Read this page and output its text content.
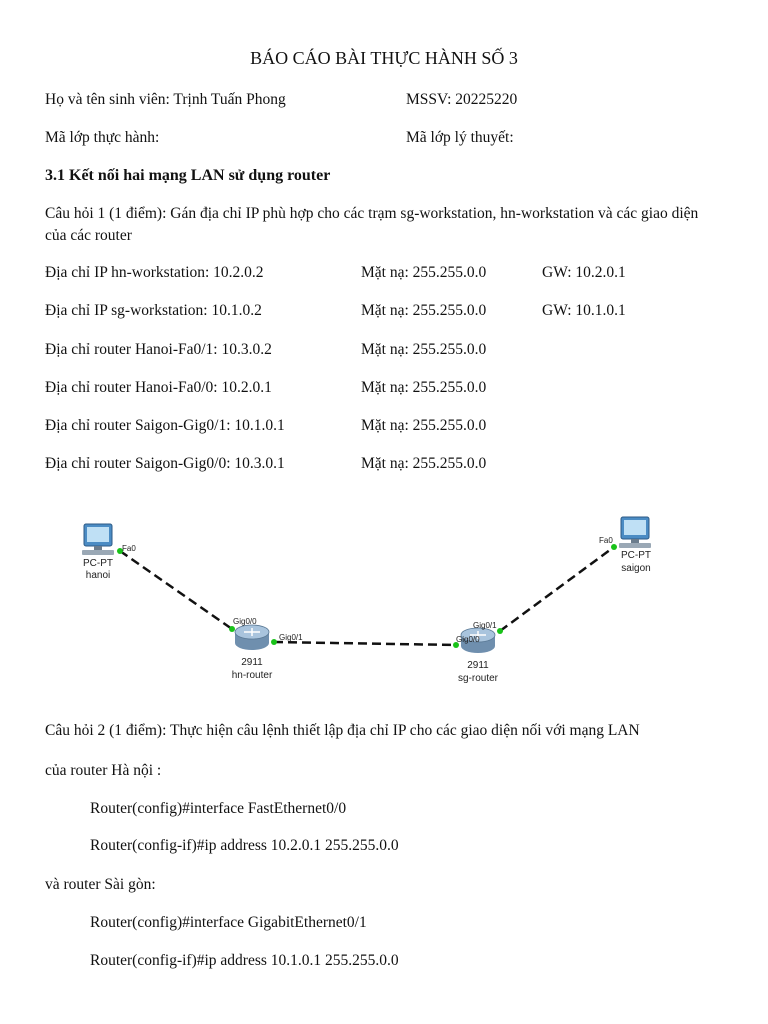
BÁO CÁO BÀI THỰC HÀNH SỐ 3
Họ và tên sinh viên: Trịnh Tuấn Phong	MSSV: 20225220
Mã lớp thực hành:	Mã lớp lý thuyết:
3.1 Kết nối hai mạng LAN sử dụng router
Câu hỏi 1 (1 điểm): Gán địa chỉ IP phù hợp cho các trạm sg-workstation, hn-workstation và các giao diện của các router
Địa chỉ IP hn-workstation: 10.2.0.2	Mặt nạ: 255.255.0.0	GW: 10.2.0.1
Địa chỉ IP sg-workstation: 10.1.0.2	Mặt nạ: 255.255.0.0	GW: 10.1.0.1
Địa chỉ router Hanoi-Fa0/1: 10.3.0.2	Mặt nạ: 255.255.0.0
Địa chỉ router Hanoi-Fa0/0: 10.2.0.1	Mặt nạ: 255.255.0.0
Địa chỉ router Saigon-Gig0/1: 10.1.0.1	Mặt nạ: 255.255.0.0
Địa chỉ router Saigon-Gig0/0: 10.3.0.1	Mặt nạ: 255.255.0.0
PC-PT
hanoi
Fa0
PC-PT
saigon
Fa0
2911
hn-router
Gig0/0
Gig0/1
2911
sg-router
Gig0/1
Gig0/0
Câu hỏi 2 (1 điểm): Thực hiện câu lệnh thiết lập địa chỉ IP cho các giao diện nối với mạng LAN
của router Hà nội :
Router(config)#interface FastEthernet0/0
Router(config-if)#ip address 10.2.0.1 255.255.0.0
và router Sài gòn:
Router(config)#interface GigabitEthernet0/1
Router(config-if)#ip address 10.1.0.1 255.255.0.0
